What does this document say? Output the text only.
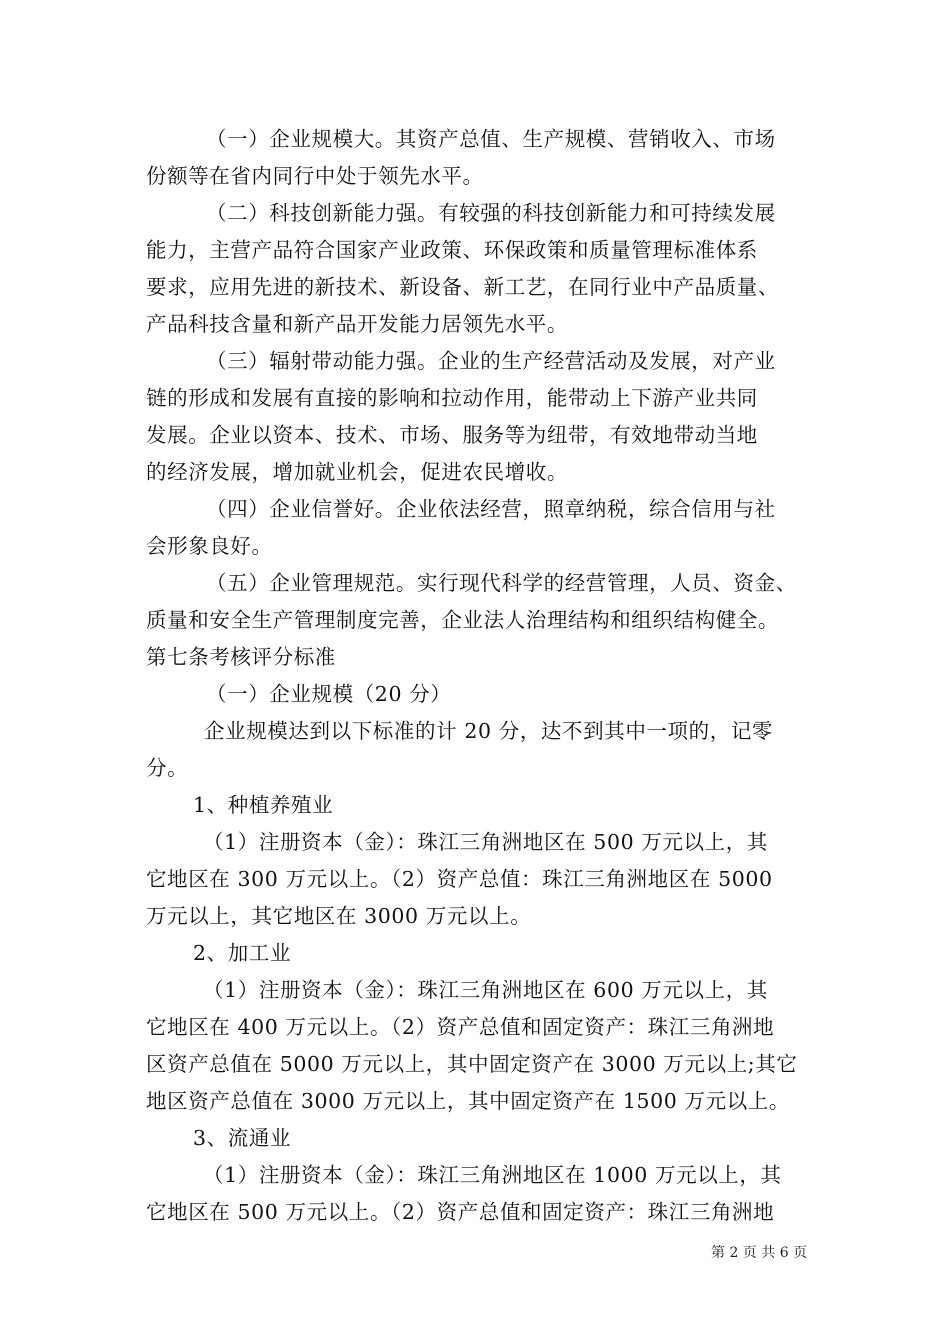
（一）企业规模大。其资产总值、生产规模、营销收入、市场
份额等在省内同行中处于领先水平。
（二）科技创新能力强。有较强的科技创新能力和可持续发展
能力，主营产品符合国家产业政策、环保政策和质量管理标准体系
要求，应用先进的新技术、新设备、新工艺，在同行业中产品质量、
产品科技含量和新产品开发能力居领先水平。
（三）辐射带动能力强。企业的生产经营活动及发展，对产业
链的形成和发展有直接的影响和拉动作用，能带动上下游产业共同
发展。企业以资本、技术、市场、服务等为纽带，有效地带动当地
的经济发展，增加就业机会，促进农民增收。
（四）企业信誉好。企业依法经营，照章纳税，综合信用与社
会形象良好。
（五）企业管理规范。实行现代科学的经营管理，人员、资金、
质量和安全生产管理制度完善，企业法人治理结构和组织结构健全。
第七条考核评分标准
（一）企业规模（20 分）
企业规模达到以下标准的计 20 分，达不到其中一项的，记零
分。
1、种植养殖业
（1）注册资本（金）：珠江三角洲地区在 500 万元以上，其
它地区在 300 万元以上。（2）资产总值：珠江三角洲地区在 5000
万元以上，其它地区在 3000 万元以上。
2、加工业
（1）注册资本（金）：珠江三角洲地区在 600 万元以上，其
它地区在 400 万元以上。（2）资产总值和固定资产：珠江三角洲地
区资产总值在 5000 万元以上，其中固定资产在 3000 万元以上;其它
地区资产总值在 3000 万元以上，其中固定资产在 1500 万元以上。
3、流通业
（1）注册资本（金）：珠江三角洲地区在 1000 万元以上，其
它地区在 500 万元以上。（2）资产总值和固定资产：珠江三角洲地
第 2 页 共 6 页
